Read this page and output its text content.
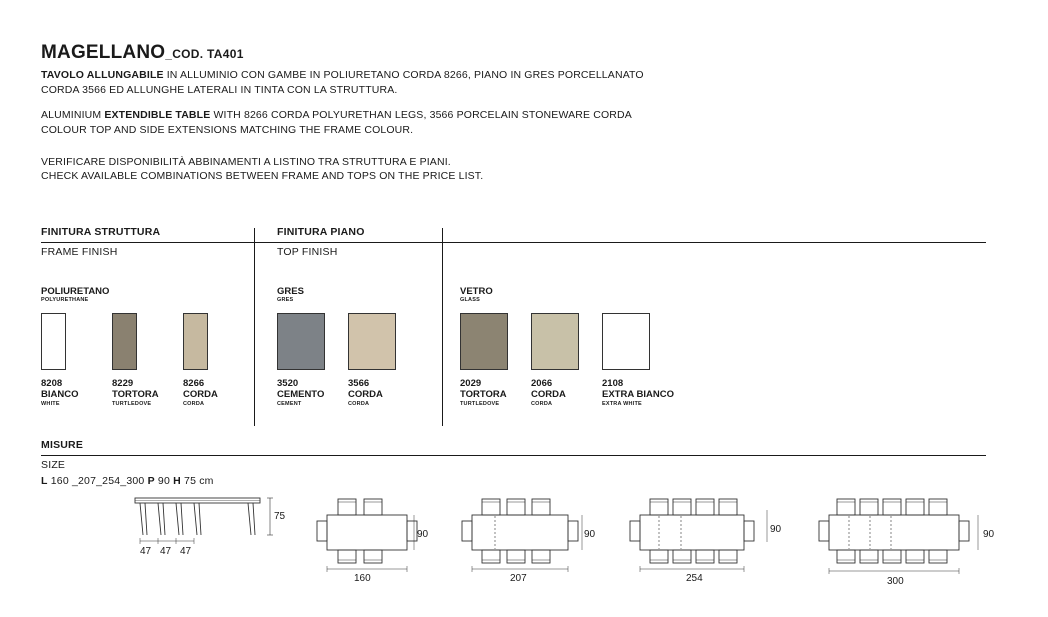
MAGELLANO_COD. TA401
TAVOLO ALLUNGABILE IN ALLUMINIO CON GAMBE IN POLIURETANO CORDA 8266, PIANO IN GRES PORCELLANATO
CORDA 3566 ED ALLUNGHE LATERALI IN TINTA CON LA STRUTTURA.
ALUMINIUM EXTENDIBLE TABLE WITH 8266 CORDA POLYURETHAN LEGS, 3566 PORCELAIN STONEWARE CORDA
COLOUR TOP AND SIDE EXTENSIONS MATCHING THE FRAME COLOUR.
VERIFICARE DISPONIBILITÀ ABBINAMENTI A LISTINO TRA STRUTTURA E PIANI.
CHECK AVAILABLE COMBINATIONS BETWEEN FRAME AND TOPS ON THE PRICE LIST.
FINITURA STRUTTURA	FINITURA PIANO
FRAME FINISH	TOP FINISH
POLIURETANO
POLYURETHANE
GRES
GRES
VETRO
GLASS
8208
BIANCO
WHITE
8229
TORTORA
TURTLEDOVE
8266
CORDA
CORDA
3520
CEMENTO
CEMENT
3566
CORDA
CORDA
2029
TORTORA
TURTLEDOVE
2066
CORDA
CORDA
2108
EXTRA BIANCO
EXTRA WHITE
MISURE
SIZE
L 160 _207_254_300 P 90 H 75 cm
75
47 47 47
160
90
207
90
254
90
300
90
